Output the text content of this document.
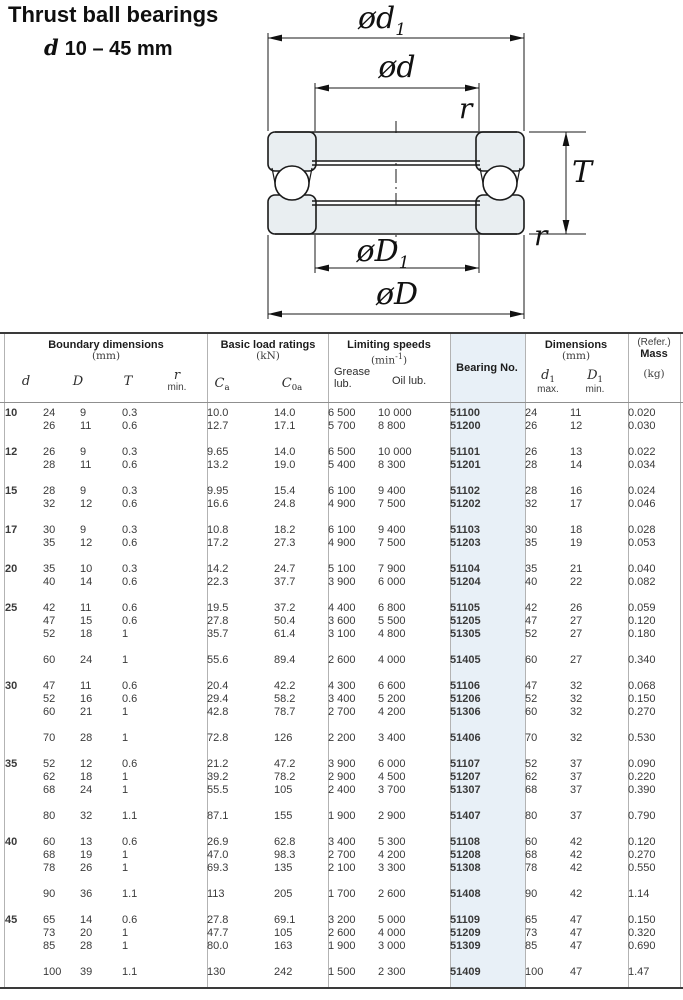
$ød_1$
ød
r
T
r
$øD_1$
øD
Thrust ball bearings
d 10 – 45 mm
Boundary dimensions
(mm)
Basic load ratings
(kN)
Limiting speeds
$(\min^{-1})$
Bearing No.
Dimensions
(mm)
(Refer.)
Mass
(kg)
d	D	T	r
min. $C_a$	$C_{0a}$
Grease
lub.	Oil lub.	$d_1$
max.
$D_1$
min.

10	24	9	0.3	10.0	14.0	6 500	10 000	51100	24	11	0.020
	26	11	0.6	12.7	17.1	5 700	8 800	51200	26	12	0.030

12	26	9	0.3	9.65	14.0	6 500	10 000	51101	26	13	0.022
	28	11	0.6	13.2	19.0	5 400	8 300	51201	28	14	0.034

15	28	9	0.3	9.95	15.4	6 100	9 400	51102	28	16	0.024
	32	12	0.6	16.6	24.8	4 900	7 500	51202	32	17	0.046

17	30	9	0.3	10.8	18.2	6 100	9 400	51103	30	18	0.028
	35	12	0.6	17.2	27.3	4 900	7 500	51203	35	19	0.053

20	35	10	0.3	14.2	24.7	5 100	7 900	51104	35	21	0.040
	40	14	0.6	22.3	37.7	3 900	6 000	51204	40	22	0.082

25	42	11	0.6	19.5	37.2	4 400	6 800	51105	42	26	0.059
	47	15	0.6	27.8	50.4	3 600	5 500	51205	47	27	0.120
	52	18	1	35.7	61.4	3 100	4 800	51305	52	27	0.180

	60	24	1	55.6	89.4	2 600	4 000	51405	60	27	0.340

30	47	11	0.6	20.4	42.2	4 300	6 600	51106	47	32	0.068
	52	16	0.6	29.4	58.2	3 400	5 200	51206	52	32	0.150
	60	21	1	42.8	78.7	2 700	4 200	51306	60	32	0.270

	70	28	1	72.8	126	2 200	3 400	51406	70	32	0.530

35	52	12	0.6	21.2	47.2	3 900	6 000	51107	52	37	0.090
	62	18	1	39.2	78.2	2 900	4 500	51207	62	37	0.220
	68	24	1	55.5	105	2 400	3 700	51307	68	37	0.390

	80	32	1.1	87.1	155	1 900	2 900	51407	80	37	0.790

40	60	13	0.6	26.9	62.8	3 400	5 300	51108	60	42	0.120
	68	19	1	47.0	98.3	2 700	4 200	51208	68	42	0.270
	78	26	1	69.3	135	2 100	3 300	51308	78	42	0.550

	90	36	1.1	113	205	1 700	2 600	51408	90	42	1.14

45	65	14	0.6	27.8	69.1	3 200	5 000	51109	65	47	0.150
	73	20	1	47.7	105	2 600	4 000	51209	73	47	0.320
	85	28	1	80.0	163	1 900	3 000	51309	85	47	0.690

	100	39	1.1	130	242	1 500	2 300	51409	100	47	1.47
